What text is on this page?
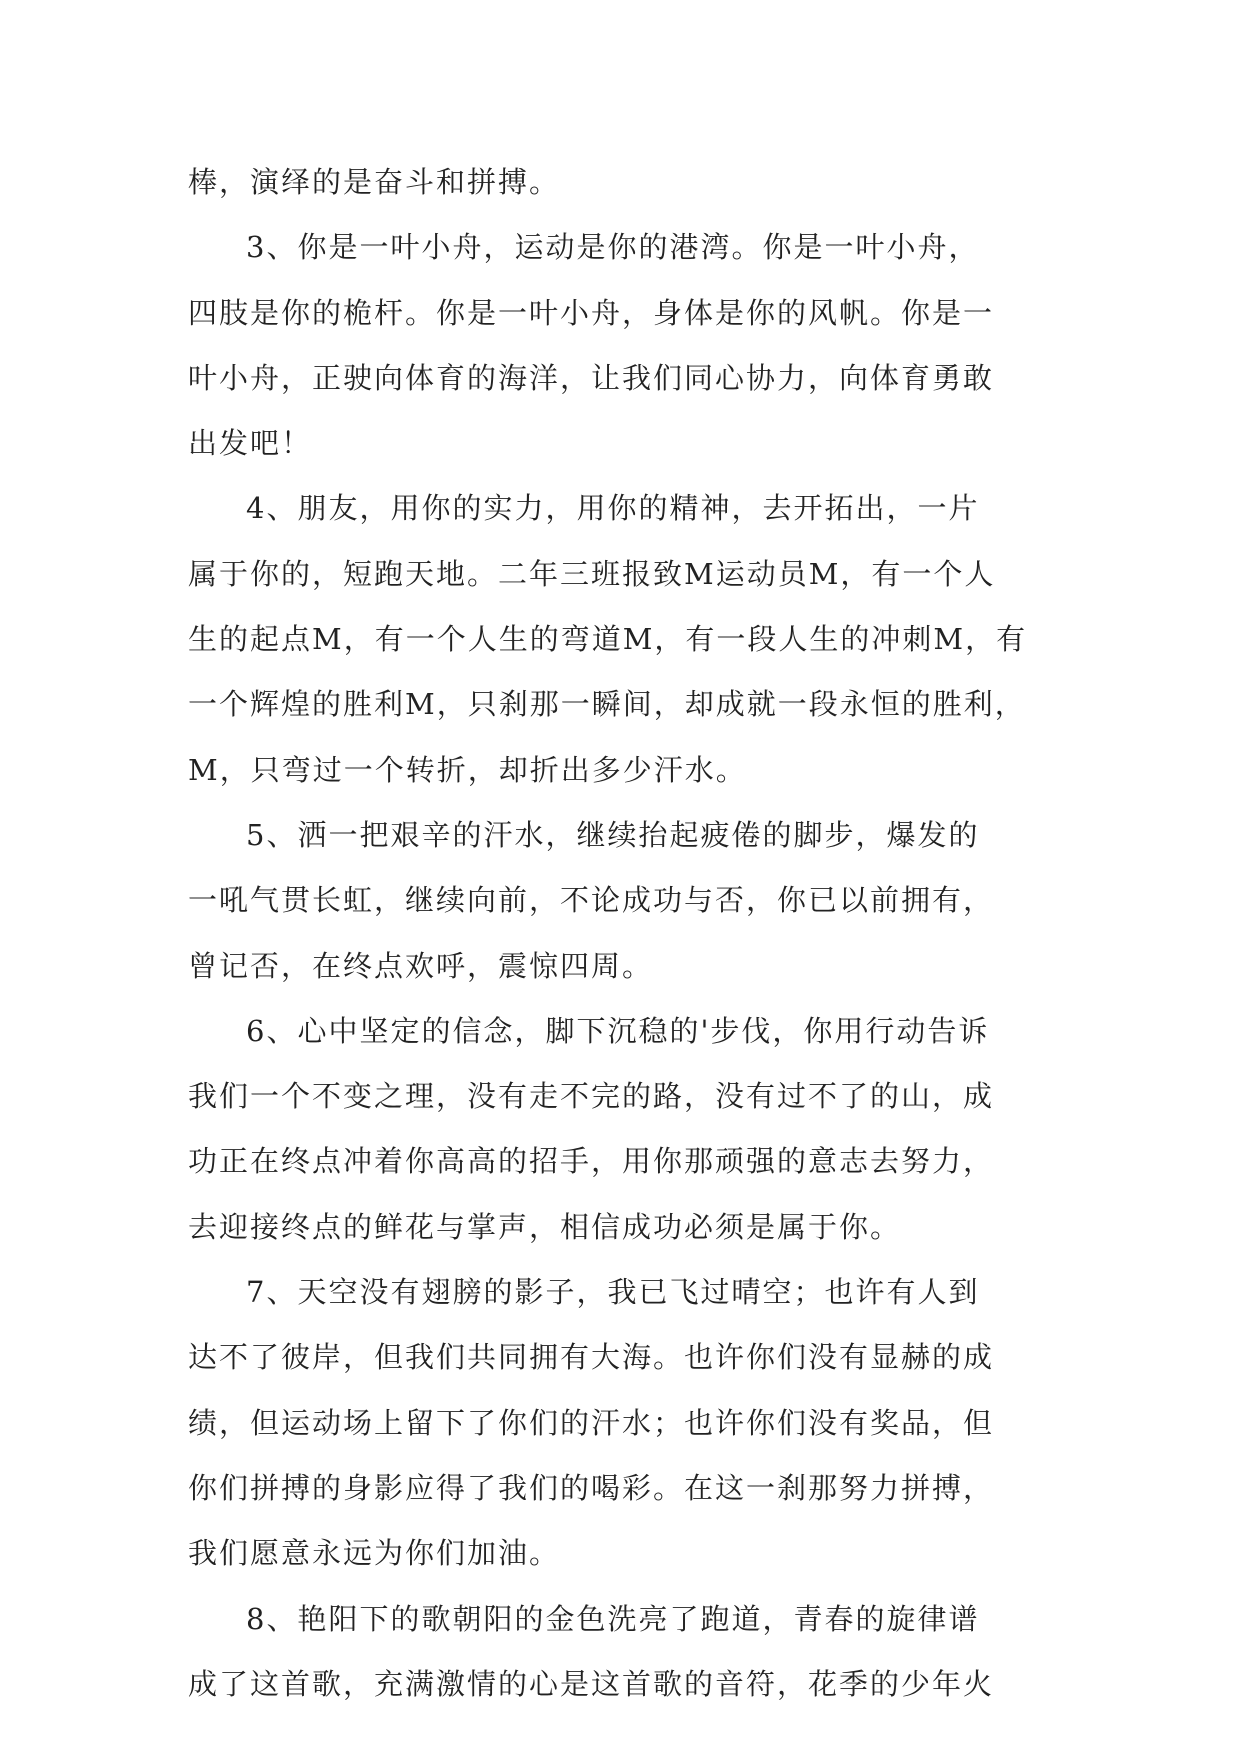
棒，演绎的是奋斗和拼搏。

3、你是一叶小舟，运动是你的港湾。你是一叶小舟，

四肢是你的桅杆。你是一叶小舟，身体是你的风帆。你是一

叶小舟，正驶向体育的海洋，让我们同心协力，向体育勇敢

出发吧！

4、朋友，用你的实力，用你的精神，去开拓出，一片

属于你的，短跑天地。二年三班报致M运动员M，有一个人

生的起点M，有一个人生的弯道M，有一段人生的冲刺M，有

一个辉煌的胜利M，只刹那一瞬间，却成就一段永恒的胜利，

M，只弯过一个转折，却折出多少汗水。

5、洒一把艰辛的汗水，继续抬起疲倦的脚步，爆发的

一吼气贯长虹，继续向前，不论成功与否，你已以前拥有，

曾记否，在终点欢呼，震惊四周。

6、心中坚定的信念，脚下沉稳的'步伐，你用行动告诉

我们一个不变之理，没有走不完的路，没有过不了的山，成

功正在终点冲着你高高的招手，用你那顽强的意志去努力，

去迎接终点的鲜花与掌声，相信成功必须是属于你。

7、天空没有翅膀的影子，我已飞过晴空；也许有人到

达不了彼岸，但我们共同拥有大海。也许你们没有显赫的成

绩，但运动场上留下了你们的汗水；也许你们没有奖品，但

你们拼搏的身影应得了我们的喝彩。在这一刹那努力拼搏，

我们愿意永远为你们加油。

8、艳阳下的歌朝阳的金色洗亮了跑道，青春的旋律谱

成了这首歌，充满激情的心是这首歌的音符，花季的少年火
